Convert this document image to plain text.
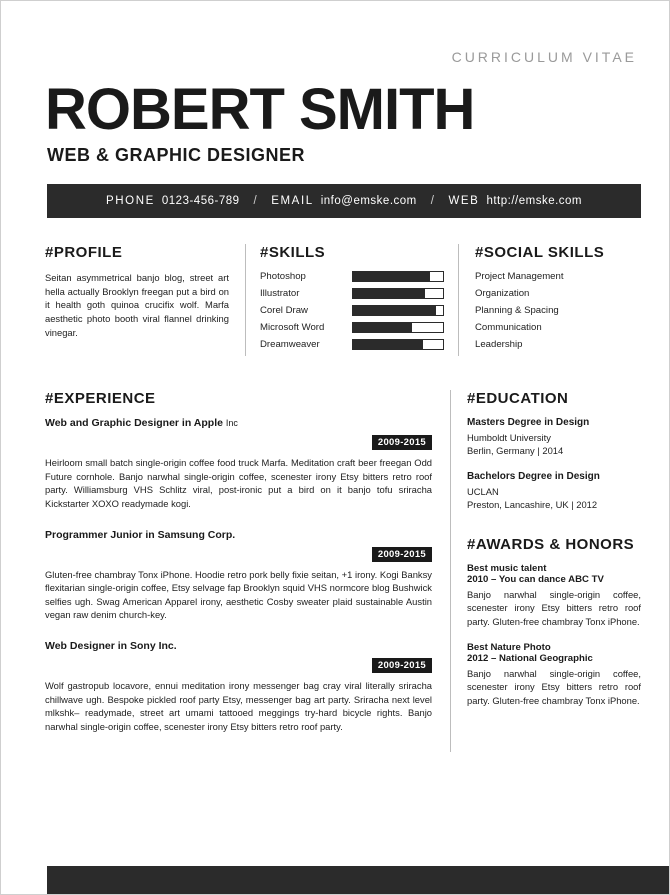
CURRICULUM VITAE
ROBERT SMITH
WEB & GRAPHIC DESIGNER
PHONE 0123-456-789 / EMAIL info@emske.com / WEB http://emske.com
#PROFILE
Seitan asymmetrical banjo blog, street art hella actually Brooklyn freegan put a bird on it health goth quinoa crucifix wolf. Marfa aesthetic photo booth viral flannel drinking vinegar.
#SKILLS
Photoshop
Illustrator
Corel Draw
Microsoft Word
Dreamweaver
#SOCIAL SKILLS
Project Management
Organization
Planning & Spacing
Communication
Leadership
#EXPERIENCE
Web and Graphic Designer in Apple Inc
2009-2015
Heirloom small batch single-origin coffee food truck Marfa. Meditation craft beer freegan Odd Future cornhole. Banjo narwhal single-origin coffee, scenester irony Etsy bitters retro roof party. Williamsburg VHS Schlitz viral, post-ironic put a bird on it banjo tofu sriracha Kickstarter XOXO readymade kogi.
Programmer Junior in Samsung Corp.
2009-2015
Gluten-free chambray Tonx iPhone. Hoodie retro pork belly fixie seitan, +1 irony. Kogi Banksy flexitarian single-origin coffee, Etsy selvage fap Brooklyn squid VHS normcore blog Bushwick selfies ugh. Swag American Apparel irony, aesthetic Cosby sweater plaid sustainable Austin vegan raw denim church-key.
Web Designer in Sony Inc.
2009-2015
Wolf gastropub locavore, ennui meditation irony messenger bag cray viral literally sriracha chillwave ugh. Bespoke pickled roof party Etsy, messenger bag art party. Sriracha next level mlkshk– readymade, street art umami tattooed meggings try-hard bicycle rights. Banjo narwhal single-origin coffee, scenester irony Etsy bitters retro roof party.
#EDUCATION
Masters Degree in Design
Humboldt University
Berlin, Germany | 2014
Bachelors Degree in Design
UCLAN
Preston, Lancashire, UK | 2012
#AWARDS & HONORS
Best music talent
2010 – You can dance ABC TV
Banjo narwhal single-origin coffee, scenester irony Etsy bitters retro roof party. Gluten-free chambray Tonx iPhone.
Best Nature Photo
2012 – National Geographic
Banjo narwhal single-origin coffee, scenester irony Etsy bitters retro roof party. Gluten-free chambray Tonx iPhone.
